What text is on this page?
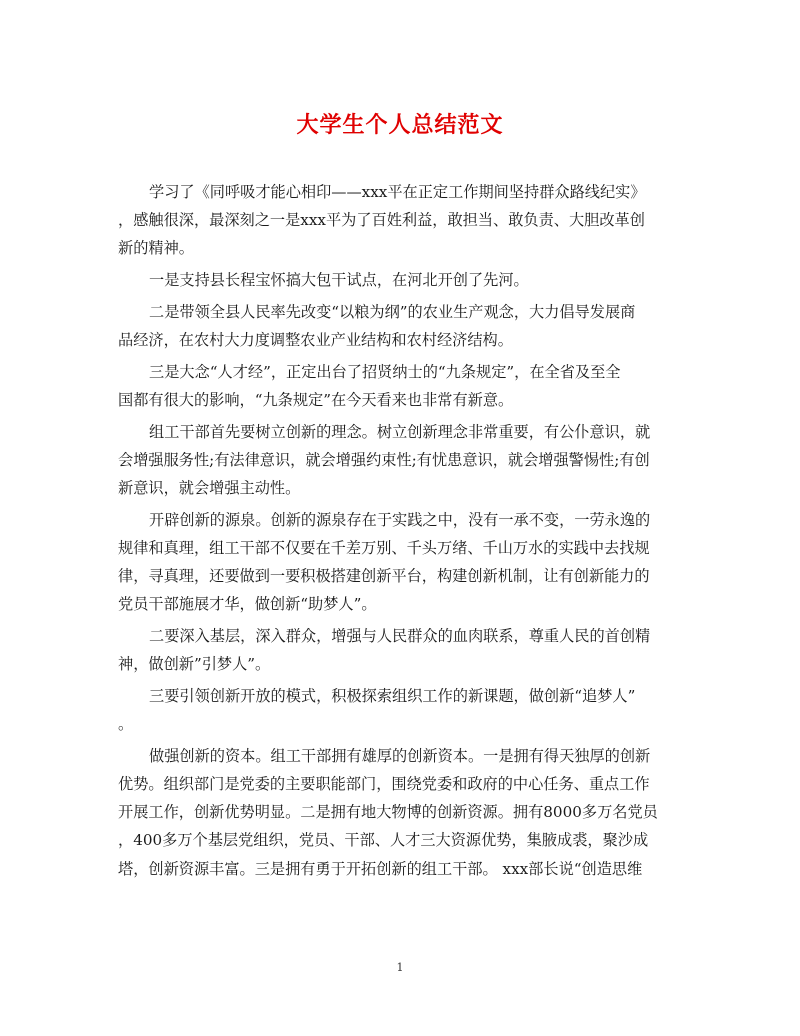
大学生个人总结范文

学习了《同呼吸才能心相印——xxx平在正定工作期间坚持群众路线纪实》
，感触很深，最深刻之一是xxx平为了百姓利益，敢担当、敢负责、大胆改革创
新的精神。

一是支持县长程宝怀搞大包干试点，在河北开创了先河。

二是带领全县人民率先改变“以粮为纲”的农业生产观念，大力倡导发展商
品经济，在农村大力度调整农业产业结构和农村经济结构。

三是大念“人才经”，正定出台了招贤纳士的“九条规定”，在全省及至全
国都有很大的影响，“九条规定”在今天看来也非常有新意。

组工干部首先要树立创新的理念。树立创新理念非常重要，有公仆意识，就
会增强服务性;有法律意识，就会增强约束性;有忧患意识，就会增强警惕性;有创
新意识，就会增强主动性。

开辟创新的源泉。创新的源泉存在于实践之中，没有一承不变，一劳永逸的
规律和真理，组工干部不仅要在千差万别、千头万绪、千山万水的实践中去找规
律，寻真理，还要做到一要积极搭建创新平台，构建创新机制，让有创新能力的
党员干部施展才华，做创新“助梦人”。

二要深入基层，深入群众，增强与人民群众的血肉联系，尊重人民的首创精
神，做创新”引梦人”。

三要引领创新开放的模式，积极探索组织工作的新课题，做创新“追梦人”
。

做强创新的资本。组工干部拥有雄厚的创新资本。一是拥有得天独厚的创新
优势。组织部门是党委的主要职能部门，围绕党委和政府的中心任务、重点工作
开展工作，创新优势明显。二是拥有地大物博的创新资源。拥有8000多万名党员
，400多万个基层党组织，党员、干部、人才三大资源优势，集腋成裘，聚沙成
塔，创新资源丰富。三是拥有勇于开拓创新的组工干部。 xxx部长说“创造思维

1
